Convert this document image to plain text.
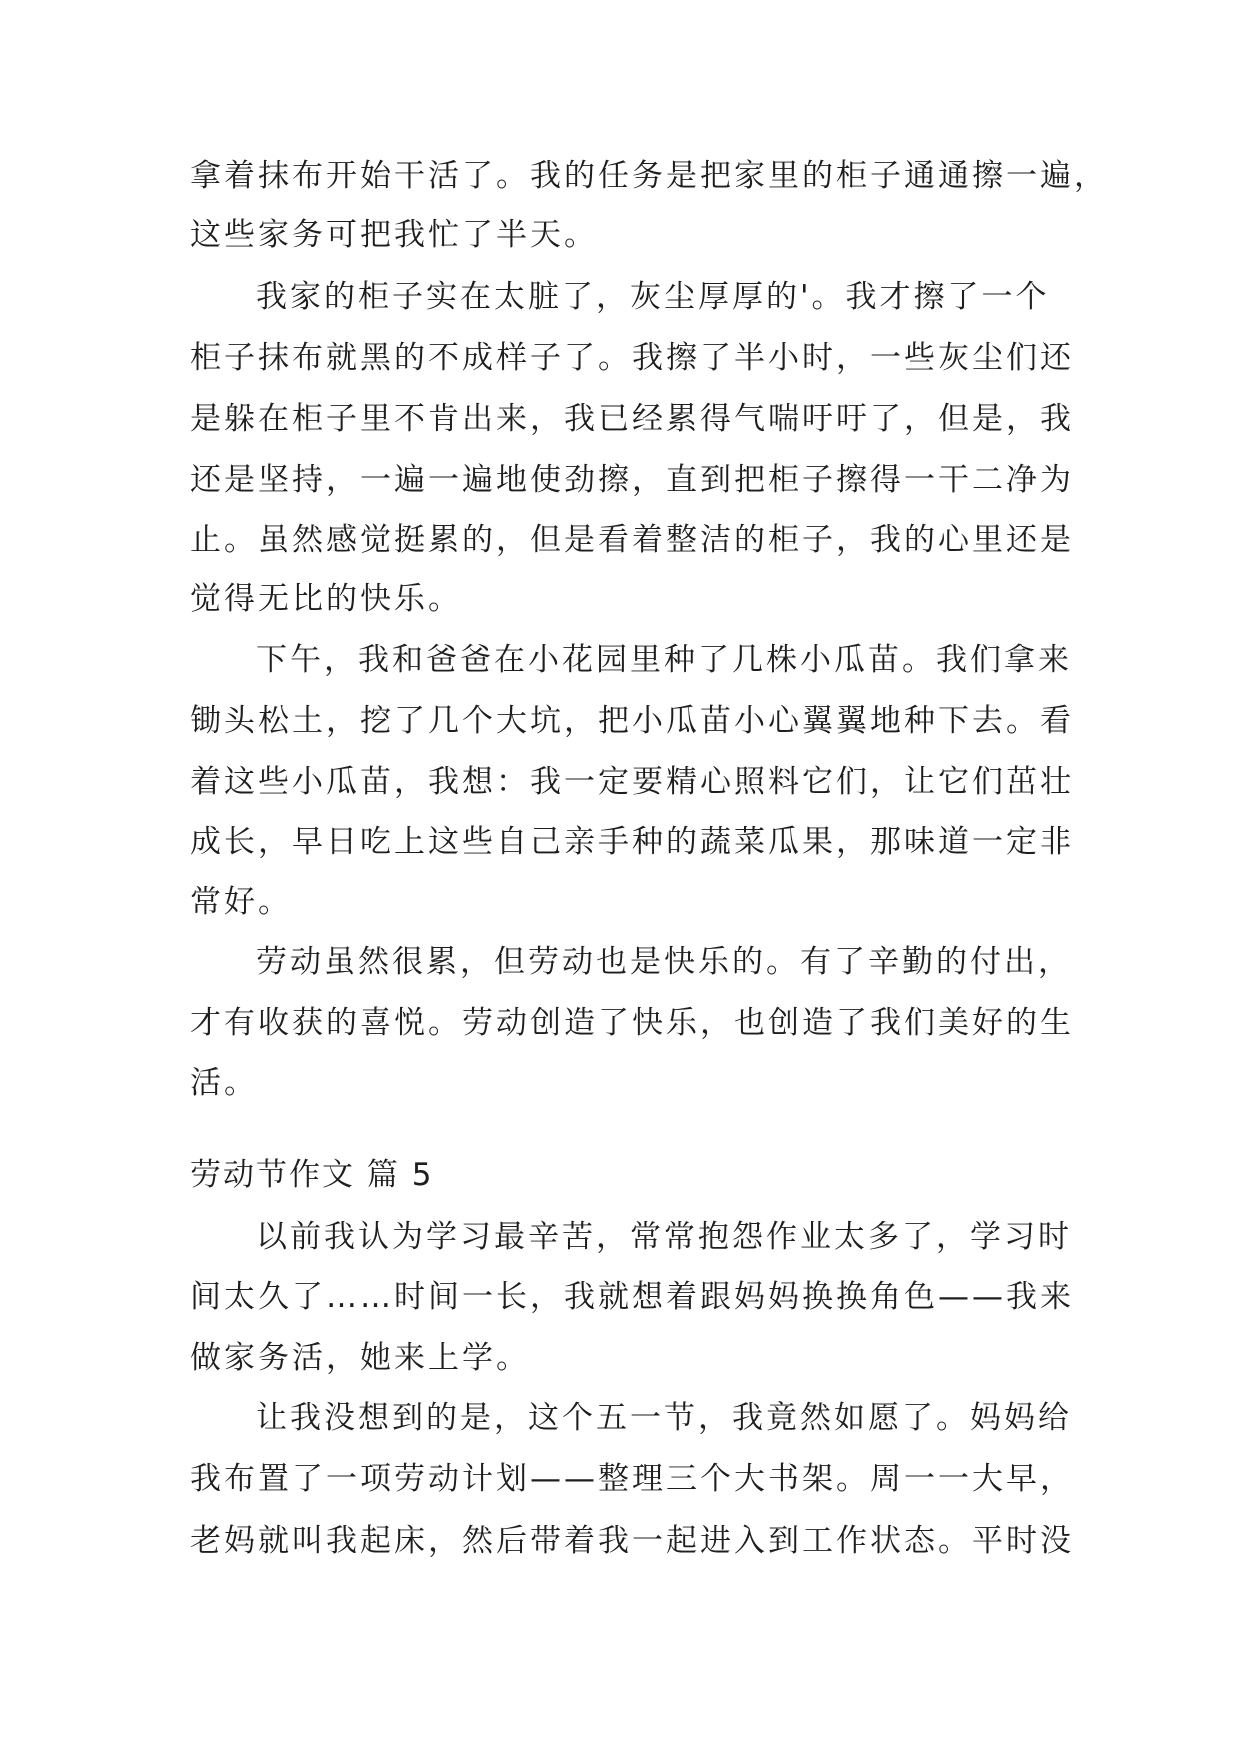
拿着抹布开始干活了。我的任务是把家里的柜子通通擦一遍，
这些家务可把我忙了半天。
我家的柜子实在太脏了，灰尘厚厚的'。我才擦了一个
柜子抹布就黑的不成样子了。我擦了半小时，一些灰尘们还
是躲在柜子里不肯出来，我已经累得气喘吁吁了，但是，我
还是坚持，一遍一遍地使劲擦，直到把柜子擦得一干二净为
止。虽然感觉挺累的，但是看着整洁的柜子，我的心里还是
觉得无比的快乐。
下午，我和爸爸在小花园里种了几株小瓜苗。我们拿来
锄头松土，挖了几个大坑，把小瓜苗小心翼翼地种下去。看
着这些小瓜苗，我想：我一定要精心照料它们，让它们茁壮
成长，早日吃上这些自己亲手种的蔬菜瓜果，那味道一定非
常好。
劳动虽然很累，但劳动也是快乐的。有了辛勤的付出，
才有收获的喜悦。劳动创造了快乐，也创造了我们美好的生
活。
劳动节作文 篇 5
以前我认为学习最辛苦，常常抱怨作业太多了，学习时
间太久了……时间一长，我就想着跟妈妈换换角色——我来
做家务活，她来上学。
让我没想到的是，这个五一节，我竟然如愿了。妈妈给
我布置了一项劳动计划——整理三个大书架。周一一大早，
老妈就叫我起床，然后带着我一起进入到工作状态。平时没
